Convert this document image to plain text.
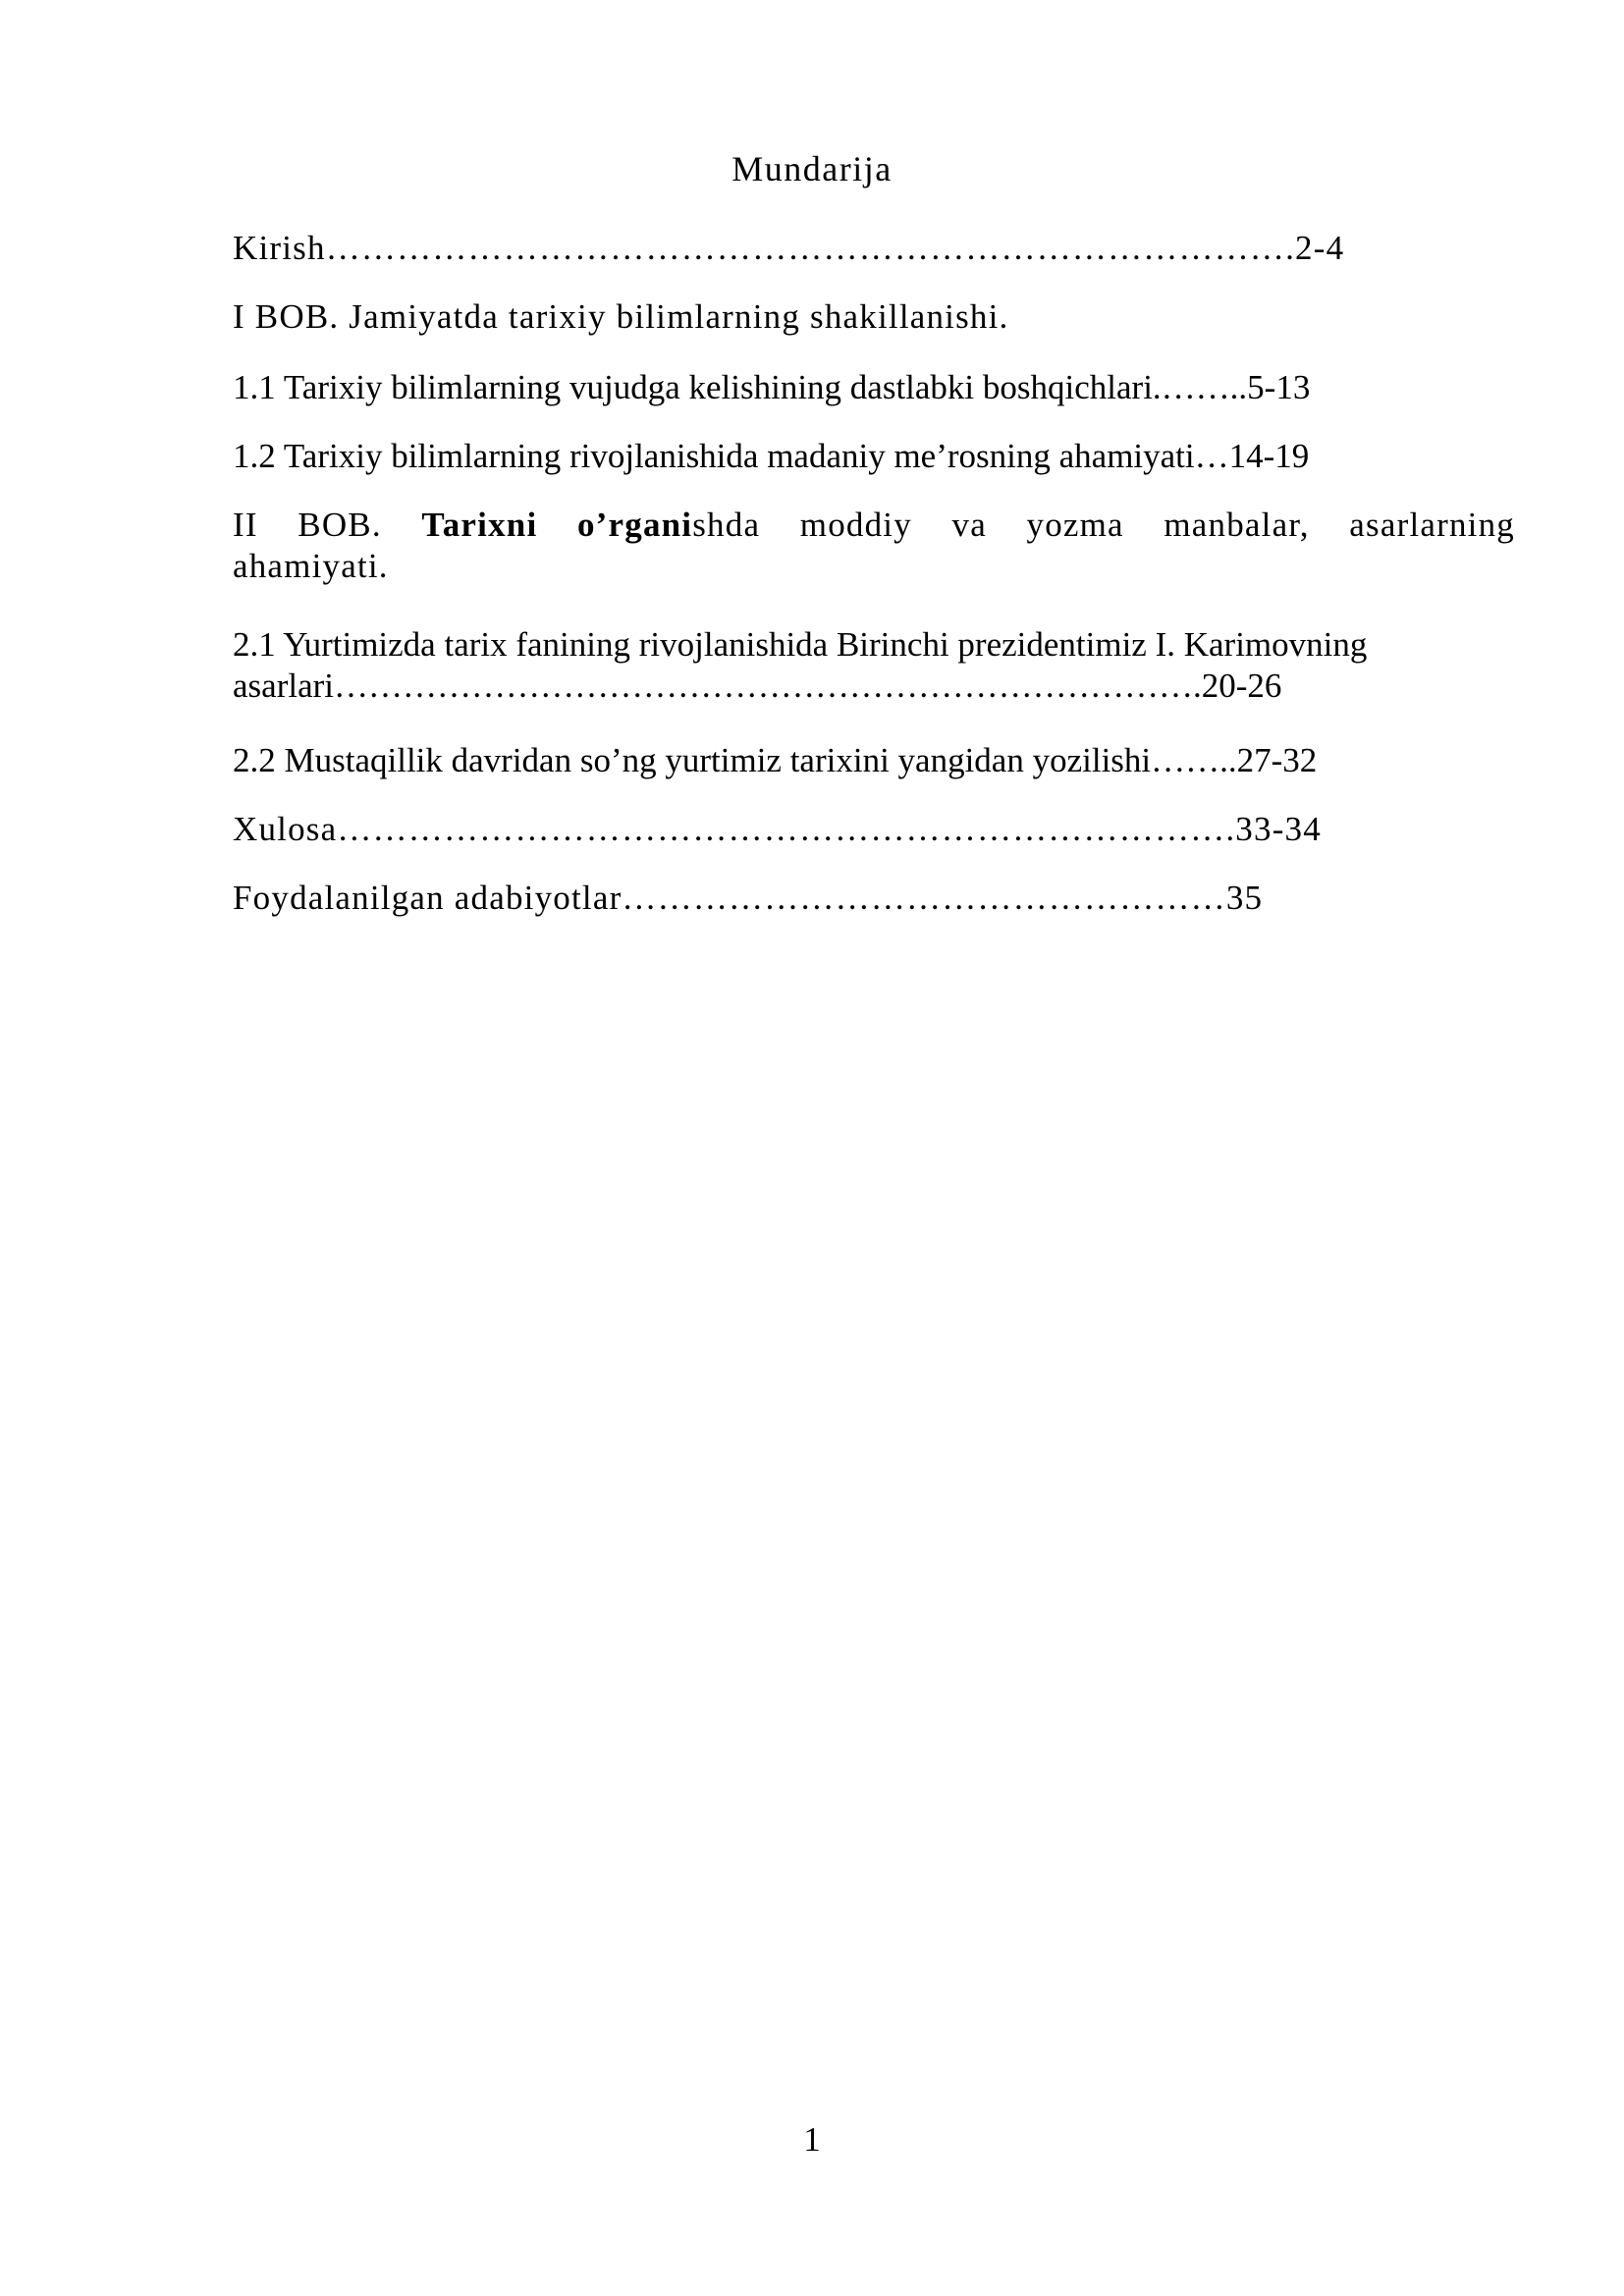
Mundarija
Kirish……………………………………………………………………….2-4
I BOB. Jamiyatda tarixiy bilimlarning shakillanishi.
1.1 Tarixiy bilimlarning vujudga kelishining dastlabki boshqichlari.……..5-13
1.2 Tarixiy bilimlarning rivojlanishida madaniy me’rosning ahamiyati…14-19
II BOB. Tarixni o’rganishda moddiy va yozma manbalar, asarlarning
ahamiyati.
2.1 Yurtimizda tarix fanining rivojlanishida Birinchi prezidentimiz I. Karimovning
asarlari………………………………………………………………….20-26
2.2 Mustaqillik davridan so’ng yurtimiz tarixini yangidan yozilishi……..27-32
Xulosa………………………………………………………………….33-34
Foydalanilgan adabiyotlar……………………………………………35
1
